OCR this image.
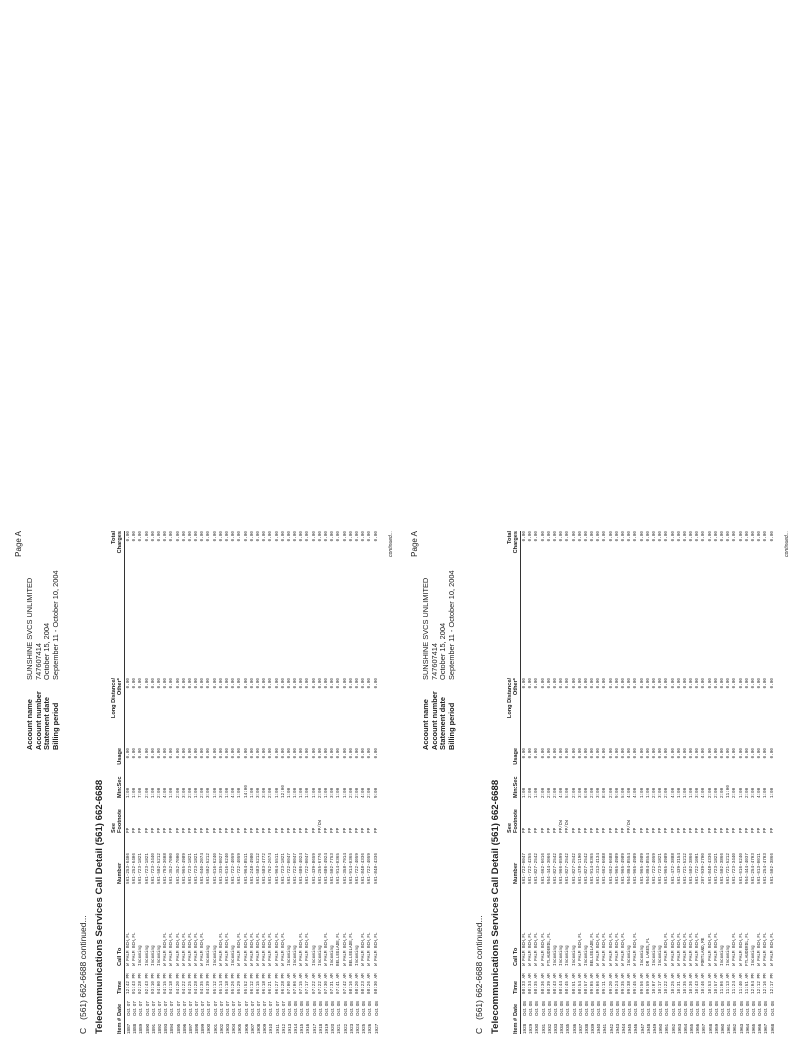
Page A
Account name
SUNSHINE SVCS UNLIMITED
Account number
747607414
Statement date
October 15, 2004
Billing period
September 11 - October 10, 2004
C(561) 662-6688 continued... Telecommunications Services Call Detail (561) 662-6688 Item #
Date
Time
Call To
Number
See
Footnote
Min:Sec
Usage
Long Distance/
Other*
Total
Charges
1887
Oct. 07
12:42 PM
W PALM BCH,FL
561-253-6406
PP
1:00
0.00
0.00
0.00
1888
Oct. 07
01:43 PM
W PALM BCH,FL
561-252-6406
PP
1:00
0.00
0.00
0.00
1889
Oct. 07
02:28 PM
Incoming
561-723-1821
PP
7:00
0.00
0.00
0.00
1890
Oct. 07
02:43 PM
Incoming
561-723-1821
PP
2:00
0.00
0.00
0.00
1891
Oct. 07
03:10 PM
Incoming
561-723-3440
PP
1:00
0.00
0.00
0.00
1892
Oct. 07
04:00 PM
Incoming
561-502-5212
PP
2:00
0.00
0.00
0.00
1893
Oct. 07
04:15 PM
W PALM BCH,FL
561-793-3608
PP
4:00
0.00
0.00
0.00
1894
Oct. 07
04:18 PM
W PALM BCH,FL
561-352-7000
PP
1:00
0.00
0.00
0.00
1895
Oct. 07
04:20 PM
W PALM BCH,FL
561-352-7000
PP
2:00
0.00
0.00
0.00
1896
Oct. 07
04:22 PM
W PALM BCH,FL
561-965-4989
PP
3:00
0.00
0.00
0.00
1897
Oct. 07
04:25 PM
W PALM BCH,FL
561-723-1821
PP
2:00
0.00
0.00
0.00
1898
Oct. 07
04:28 PM
W PALM BCH,FL
561-723-1821
PP
1:00
0.00
0.00
0.00
1899
Oct. 07
04:35 PM
W PALM BCH,FL
561-640-2074
PP
2:00
0.00
0.00
0.00
1900
Oct. 07
04:39 PM
Incoming
561-502-5212
PP
3:00
0.00
0.00
0.00
1901
Oct. 07
05:12 PM
Incoming
561-616-6240
PP
1:00
0.00
0.00
0.00
1902
Oct. 07
05:14 PM
W PALM BCH,FL
561-335-0027
PP
3:00
0.00
0.00
0.00
1903
Oct. 07
05:18 PM
W PALM BCH,FL
561-616-6240
PP
1:00
0.00
0.00
0.00
1904
Oct. 07
05:26 PM
Incoming
561-722-4059
PP
4:00
0.00
0.00
0.00
1905
Oct. 07
05:29 PM
W PALM BCH,FL
561-722-4059
PP
1:00
0.00
0.00
0.00
1906
Oct. 07
05:52 PM
W PALM BCH,FL
561-964-8511
PP
14:00
0.00
0.00
0.00
1907
Oct. 07
06:12 PM
W PALM BCH,FL
561-248-4980
PP
1:00
0.00
0.00
0.00
1908
Oct. 07
06:15 PM
W PALM BCH,FL
561-583-5212
PP
3:00
0.00
0.00
0.00
1909
Oct. 07
06:18 PM
W PALM BCH,FL
561-583-4772
PP
3:00
0.00
0.00
0.00
1910
Oct. 07
06:21 PM
W PALM BCH,FL
561-762-2674
PP
2:00
0.00
0.00
0.00
1911
Oct. 07
06:27 PM
W PALM BCH,FL
561-964-5511
PP
1:00
0.00
0.00
0.00
1912
Oct. 07
06:28 PM
W PALM BCH,FL
561-723-1821
PP
12:00
0.00
0.00
0.00
1913
Oct. 08
07:00 AM
Incoming
561-722-0047
PP
1:00
0.00
0.00
0.00
1914
Oct. 08
07:06 AM
Incoming
561-722-0047
PP
1:00
0.00
0.00
0.00
1915
Oct. 08
07:15 AM
W PALM BCH,FL
561-686-4024
PP
1:00
0.00
0.00
0.00
1916
Oct. 08
07:17 AM
W PALM BCH,FL
561-722-0047
PP
1:00
0.00
0.00
0.00
1917
Oct. 08
07:22 AM
Incoming
561-439-8659
PP
1:00
0.00
0.00
0.00
1918
Oct. 08
07:22 AM
Incoming
561-255-6776
PP/CW
2:00
0.00
0.00
0.00
1919
Oct. 08
07:30 AM
W PALM BCH,FL
561-686-4924
PP
1:00
0.00
0.00
0.00
1920
Oct. 08
07:31 AM
Incoming
561-502-7753
PP
3:00
0.00
0.00
0.00
1921
Oct. 08
07:41 AM
BELLEGLADE,FL
561-914-0365
PP
1:00
0.00
0.00
0.00
1922
Oct. 08
07:42 AM
W PALM BCH,FL
561-358-7914
PP
1:00
0.00
0.00
0.00
1923
Oct. 08
08:16 AM
BELLEGLADE,FL
561-914-0365
PP
2:00
0.00
0.00
0.00
1924
Oct. 08
08:20 AM
Incoming
561-722-4059
PP
2:00
0.00
0.00
0.00
1925
Oct. 08
08:23 AM
W PALM BCH,FL
561-848-4336
PP
4:00
0.00
0.00
0.00
1926
Oct. 08
08:26 AM
W PALM BCH,FL
561-722-4059
PP
2:00
0.00
0.00
0.00
1927
Oct. 08
08:30 AM
W PALM BCH,FL
561-848-4336
PP
9:00
0.00
0.00
0.00 continued... Page A
Account name
SUNSHINE SVCS UNLIMITED
Account number
747607414
Statement date
October 15, 2004
Billing period
September 11 - October 10, 2004
C(561) 662-6688 continued... Telecommunications Services Call Detail (561) 662-6688 Item #
Date
Time
Call To
Number
See
Footnote
Min:Sec
Usage
Long Distance/
Other*
Total
Charges
1928
Oct. 08
08:33 AM
W PALM BCH,FL
561-722-0047
PP
1:00
0.00
0.00
0.00
1929
Oct. 08
08:34 AM
W PALM BCH,FL
561-722-4255
PP
2:00
0.00
0.00
0.00
1930
Oct. 08
08:35 AM
W PALM BCH,FL
561-827-2542
PP
1:00
0.00
0.00
0.00
1931
Oct. 08
08:36 AM
W PALM BCH,FL
561-662-6616
PP
2:00
0.00
0.00
0.00
1932
Oct. 08
08:39 AM
FTLAUDERDL,FL
954-444-3066
PP
2:00
0.00
0.00
0.00
1933
Oct. 08
08:43 AM
Incoming
561-827-2542
PP
2:00
0.00
0.00
0.00
1934
Oct. 08
08:44 AM
Incoming
561-966-0599
PP/CW
4:00
0.00
0.00
0.00
1935
Oct. 08
08:45 AM
Incoming
561-827-2542
PP/CW
5:00
0.00
0.00
0.00
1936
Oct. 08
08:51 AM
Incoming
561-827-2542
PP
2:00
0.00
0.00
0.00
1937
Oct. 08
08:54 AM
W PALM BCH,FL
561-478-1190
PP
3:00
0.00
0.00
0.00
1938
Oct. 08
08:57 AM
Incoming
561-827-2542
PP
6:00
0.00
0.00
0.00
1939
Oct. 08
09:05 AM
BELLEGLADE,FL
561-914-0365
PP
2:00
0.00
0.00
0.00
1940
Oct. 08
09:06 AM
W PALM BCH,FL
561-313-4134
PP
3:00
0.00
0.00
0.00
1941
Oct. 08
09:11 AM
W PALM BCH,FL
561-662-6688
PP
8:00
0.00
0.00
0.00
1942
Oct. 08
09:20 AM
W PALM BCH,FL
561-662-6688
PP
2:00
0.00
0.00
0.00
1943
Oct. 08
09:24 AM
W PALM BCH,FL
561-965-4989
PP
9:00
0.00
0.00
0.00
1944
Oct. 08
09:35 AM
W PALM BCH,FL
561-965-4989
PP
5:00
0.00
0.00
0.00
1945
Oct. 08
09:38 AM
Incoming
954-804-8554
PP/CW
4:00
0.00
0.00
0.00
1946
Oct. 08
09:45 AM
W PALM BCH,FL
561-965-4989
PP
4:00
0.00
0.00
0.00
1947
Oct. 08
09:56 AM
Incoming
561-965-4989
PP
1:00
0.00
0.00
0.00
1948
Oct. 08
09:59 AM
DR LAKES,FL
954-804-8554
PP
1:00
0.00
0.00
0.00
1949
Oct. 08
10:07 AM
Incoming
561-722-4059
PP
2:00
0.00
0.00
0.00
1950
Oct. 08
10:17 AM
Incoming
561-723-1821
PP
3:00
0.00
0.00
0.00
1951
Oct. 08
10:22 AM
W PALM BCH,FL
561-965-4989
PP
2:00
0.00
0.00
0.00
1952
Oct. 08
10:25 AM
W PALM BCH,FL
561-472-3888
PP
4:00
0.00
0.00
0.00
1953
Oct. 08
10:31 AM
W PALM BCH,FL
561-439-3154
PP
1:00
0.00
0.00
0.00
1954
Oct. 08
10:35 AM
W PALM BCH,FL
561-721-5212
PP
1:00
0.00
0.00
0.00
1955
Oct. 08
10:36 AM
W PALM BCH,FL
561-502-3866
PP
1:00
0.00
0.00
0.00
1956
Oct. 08
10:43 AM
W PALM BCH,FL
561-722-1001
PP
3:00
0.00
0.00
0.00
1957
Oct. 08
10:46 AM
PORTLAND,ME
207-939-2700
PP
4:00
0.00
0.00
0.00
1958
Oct. 08
10:53 AM
W PALM BCH,FL
561-848-4336
PP
2:00
0.00
0.00
0.00
1959
Oct. 08
10:57 AM
W PALM BCH,FL
561-723-1821
PP
2:00
0.00
0.00
0.00
1960
Oct. 08
11:06 AM
Incoming
561-502-3866
PP
2:00
0.00
0.00
0.00
1961
Oct. 08
11:13 AM
Incoming
561-721-5212
PP
11:00
0.00
0.00
0.00
1962
Oct. 08
11:24 AM
W PALM BCH,FL
561-723-3440
PP
2:00
0.00
0.00
0.00
1963
Oct. 08
11:40 AM
W PALM BCH,FL
561-616-6240
PP
1:00
0.00
0.00
0.00
1964
Oct. 08
11:51 AM
FTLAUDERDL,FL
954-444-4037
PP
2:00
0.00
0.00
0.00
1965
Oct. 08
12:04 PM
Incoming
561-254-4703
PP
3:00
0.00
0.00
0.00
1966
Oct. 08
12:12 PM
W PALM BCH,FL
561-613-0011
PP
4:00
0.00
0.00
0.00
1967
Oct. 08
12:16 PM
W PALM BCH,FL
561-254-4703
PP
1:00
0.00
0.00
0.00
1968
Oct. 08
12:17 PM
W PALM BCH,FL
561-502-3866
PP
1:00
0.00
0.00
0.00 continued...
